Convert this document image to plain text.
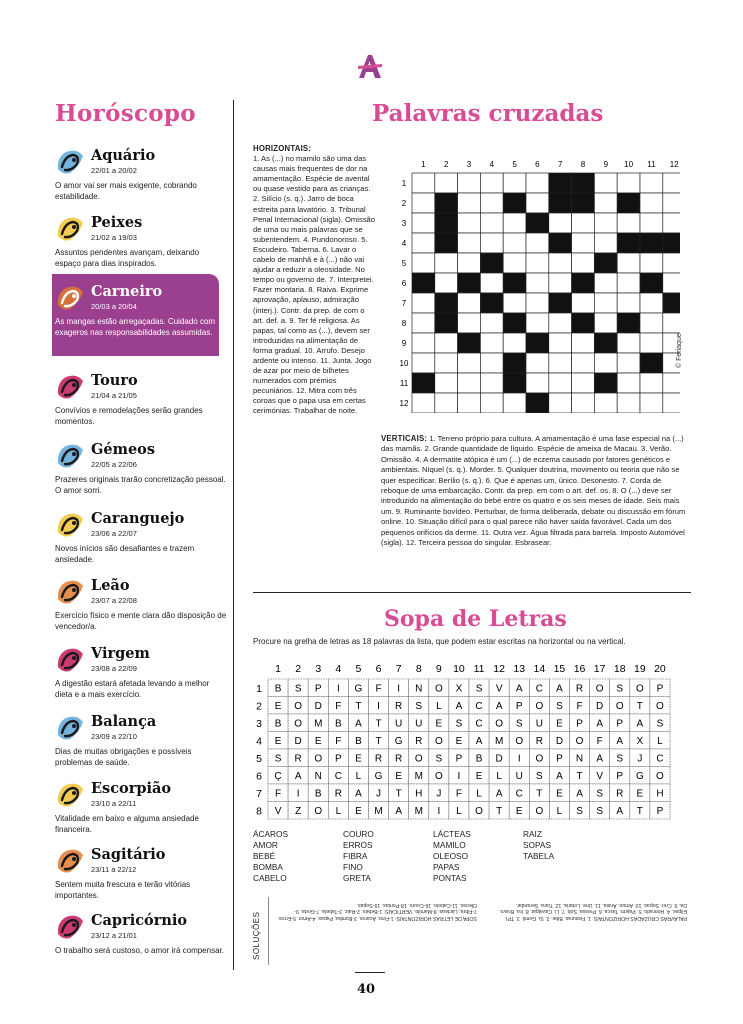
Horóscopo
Aquário
22/01 a 20/02
O amor vai ser mais exigente, cobrando estabilidade.
Peixes
21/02 a 19/03
Assuntos pendentes avançam, deixando espaço para dias inspirados.
Carneiro
20/03 a 20/04
As mangas estão arregaçadas. Cuidado com exageros nas responsabilidades assumidas.
Touro
21/04 a 21/05
Convívios e remodelações serão grandes momentos.
Gémeos
22/05 a 22/06
Prazeres originais trarão concretização pessoal. O amor sorri.
Caranguejo
23/06 a 22/07
Novos inícios são desafiantes e trazem ansiedade.
Leão
23/07 a 22/08
Exercício físico e mente clara dão disposição de vencedor/a.
Virgem
23/08 a 22/09
A digestão estará afetada levando a melhor dieta e a mais exercício.
Balança
23/09 a 22/10
Dias de muitas obrigações e possíveis problemas de saúde.
Escorpião
23/10 a 22/11
Vitalidade em baixo e alguma ansiedade financeira.
Sagitário
23/11 a 22/12
Sentem muita frescura e terão vitórias importantes.
Capricórnio
23/12 a 21/01
O trabalho será custoso, o amor irá compensar.
Palavras cruzadas
HORIZONTAIS:
1. As (...) no mamilo são uma das causas mais frequentes de dor na amamentação. Espécie de avental ou quase vestido para as crianças. 2. Silício (s. q.). Jarro de boca estreita para lavatório. 3. Tribunal Penal Internacional (sigla). Omissão de uma ou mais palavras que se subentendem. 4. Pundonoroso. 5. Escudeiro. Taberna. 6. Lavar o cabelo de manhã e à (...) não vai ajudar a reduzir a oleosidade. No tempo ou governo de. 7. Interpretei. Fazer montaria. 8. Raiva. Exprime aprovação, aplauso, admiração (interj.). Contr. da prep. de com o art. def. a. 9. Ter fé religiosa. As papas, tal como as (...), devem ser introduzidas na alimentação de forma gradual. 10. Arrufo. Desejo ardente ou intenso. 11. Junta. Jogo de azar por meio de bilhetes numerados com prémios pecuniários. 12. Mitra com três coroas que o papa usa em certas cerimónias. Trabalhar de noite.
1 2 3 4 5 6 7 8 9 10 11 12
1
2
3
4
5
6
7
8
9
10
11
12
© Feriaque
VERTICAIS: 1. Terreno próprio para cultura. A amamentação é uma fase especial na (...) das mamãs. 2. Grande quantidade de líquido. Espécie de ameixa de Macau. 3. Verão. Omissão. 4. A dermatite atópica é um (...) de eczema causado por fatores genéticos e ambientais. Níquel (s. q.). Morder. 5. Qualquer doutrina, movimento ou teoria que não se quer especificar. Berílio (s. q.). 6. Que é apenas um, único. Desonesto. 7. Corda de reboque de uma embarcação. Contr. da prep. em com o art. def. os. 8. O (...) deve ser introduzido na alimentação do bebé entre os quatro e os seis meses de idade. Seis mais um. 9. Ruminante bovídeo. Perturbar, de forma deliberada, debate ou discussão em fórum online. 10. Situação difícil para o qual parece não haver saída favorável. Cada um dos pequenos orifícios da derme. 11. Outra vez. Água filtrada para barrela. Imposto Automóvel (sigla). 12. Terceira pessoa do singular. Esbrasear.
Sopa de Letras
Procure na grelha de letras as 18 palavras da lista, que podem estar escritas na horizontal ou na vertical.
1 2 3 4 5 6 7 8 9 10 11 12 13 14 15 16 17 18 19 20
1 B S P I G F I N O X S V A C A R O S O P
2 E O D F T I R S L A C A P O S F D O T O
3 B O M B A T U U E S C O S U E P A P A S
4 E D E F B T G R O E A M O R D O F A X L
5 S R O P E R R O S P B D I O P N A S J C
6 Ç A N C L G E M O I E L U S A T V P G O
7 F I B R A J T H J F L A C T E A S R E H
8 V Z O L E M A M I L O T E O L S S A T P
ÁCAROS
AMOR
BEBÉ
BOMBA
CABELO
COURO
ERROS
FIBRA
FINO
GRETA
LÁCTEAS
MAMILO
OLEOSO
PAPAS
PONTAS
RAIZ
SOPAS
TABELA
SOLUÇÕES	PALAVRAS CRUZADAS HORIZONTAIS: 1. Fissuras. Bibe. 2. Si. Gomil. 3. TPI. Elipse. 4. Honrado. 5. Pajem. Tasca. 6. Pressa. Sob. 7. Li. Cavalgar. 8. Ira. Bravo. Da. 9. Crer. Sopas. 10. Amuo. Ânsia. 11. Une. Lotaria. 12. Tiara. Serandar.
SOPA DE LETRAS HORIZONTAIS: 1-Fino; Ácaros. 3-Bomba; Papas. 4-Amor. 5-Erros. 7-Fibra; Lácteas. 8-Mamilo. VERTICAIS: 1-Bebés. 2-Raiz. 3-Tabela. 7-Greta. 9-Oleoso. 11-Cabelo. 16-Couro. 18-Pontas. 19-Sopas.
40
